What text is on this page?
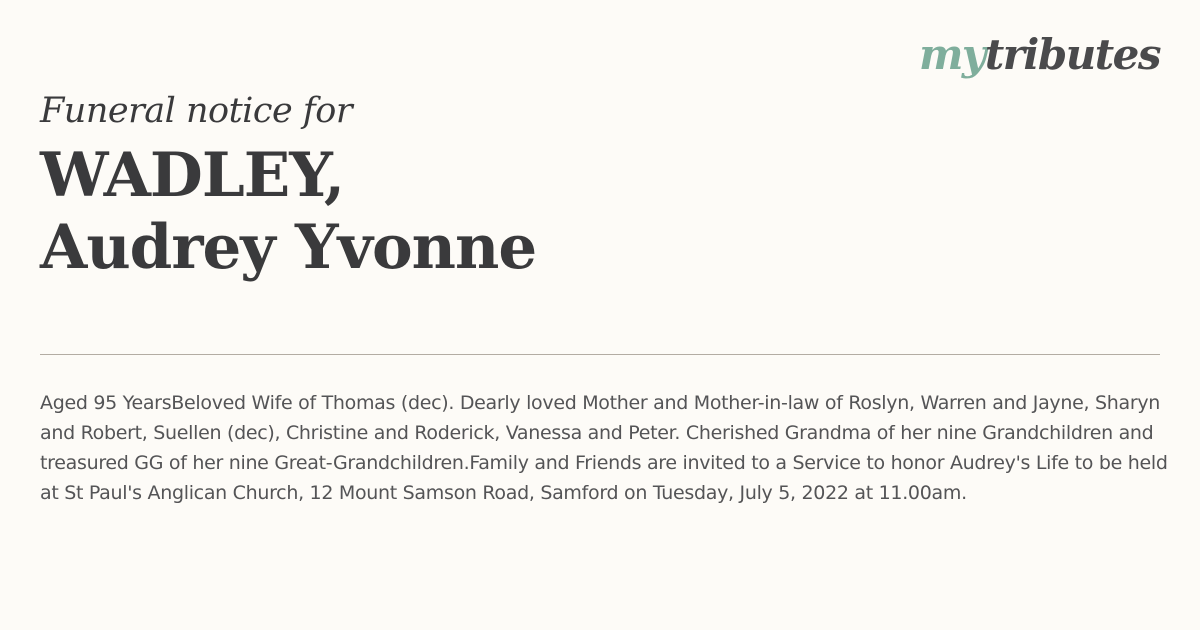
mytributes

Funeral notice for

WADLEY,
Audrey Yvonne

Aged 95 YearsBeloved Wife of Thomas (dec). Dearly loved Mother and Mother-in-law of Roslyn, Warren and Jayne, Sharyn and Robert, Suellen (dec), Christine and Roderick, Vanessa and Peter. Cherished Grandma of her nine Grandchildren and treasured GG of her nine Great-Grandchildren.Family and Friends are invited to a Service to honor Audrey's Life to be held at St Paul's Anglican Church, 12 Mount Samson Road, Samford on Tuesday, July 5, 2022 at 11.00am.
